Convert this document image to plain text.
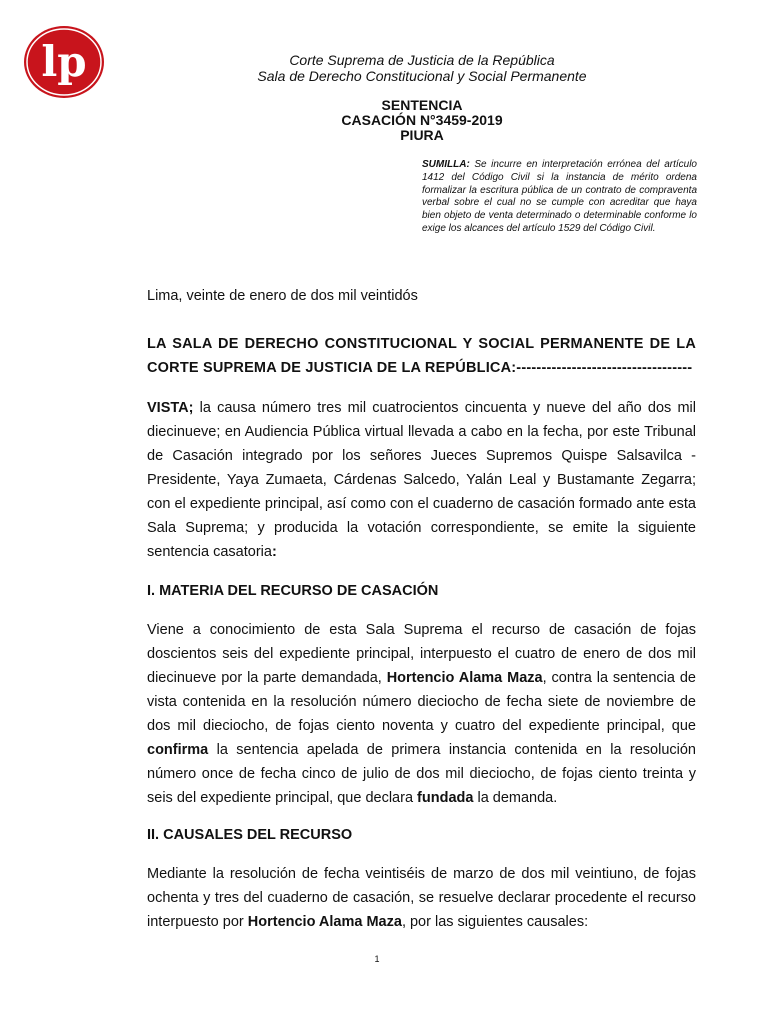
lp	Corte Suprema de Justicia de la República
Sala de Derecho Constitucional y Social Permanente
SENTENCIA
CASACIÓN N°3459-2019
PIURA
SUMILLA: Se incurre en interpretación errónea del artículo 1412 del Código Civil si la instancia de mérito ordena formalizar la escritura pública de un contrato de compraventa verbal sobre el cual no se cumple con acreditar que haya bien objeto de venta determinado o determinable conforme lo exige los alcances del artículo 1529 del Código Civil.
Lima, veinte de enero de dos mil veintidós
LA SALA DE DERECHO CONSTITUCIONAL Y SOCIAL PERMANENTE DE LA CORTE SUPREMA DE JUSTICIA DE LA REPÚBLICA:-----------------------------------
VISTA; la causa número tres mil cuatrocientos cincuenta y nueve del año dos mil diecinueve; en Audiencia Pública virtual llevada a cabo en la fecha, por este Tribunal de Casación integrado por los señores Jueces Supremos Quispe Salsavilca - Presidente, Yaya Zumaeta, Cárdenas Salcedo, Yalán Leal y Bustamante Zegarra; con el expediente principal, así como con el cuaderno de casación formado ante esta Sala Suprema; y producida la votación correspondiente, se emite la siguiente sentencia casatoria:
I. MATERIA DEL RECURSO DE CASACIÓN
Viene a conocimiento de esta Sala Suprema el recurso de casación de fojas doscientos seis del expediente principal, interpuesto el cuatro de enero de dos mil diecinueve por la parte demandada, Hortencio Alama Maza, contra la sentencia de vista contenida en la resolución número dieciocho de fecha siete de noviembre de dos mil dieciocho, de fojas ciento noventa y cuatro del expediente principal, que confirma la sentencia apelada de primera instancia contenida en la resolución número once de fecha cinco de julio de dos mil dieciocho, de fojas ciento treinta y seis del expediente principal, que declara fundada la demanda.
II. CAUSALES DEL RECURSO
Mediante la resolución de fecha veintiséis de marzo de dos mil veintiuno, de fojas ochenta y tres del cuaderno de casación, se resuelve declarar procedente el recurso interpuesto por Hortencio Alama Maza, por las siguientes causales:
1
